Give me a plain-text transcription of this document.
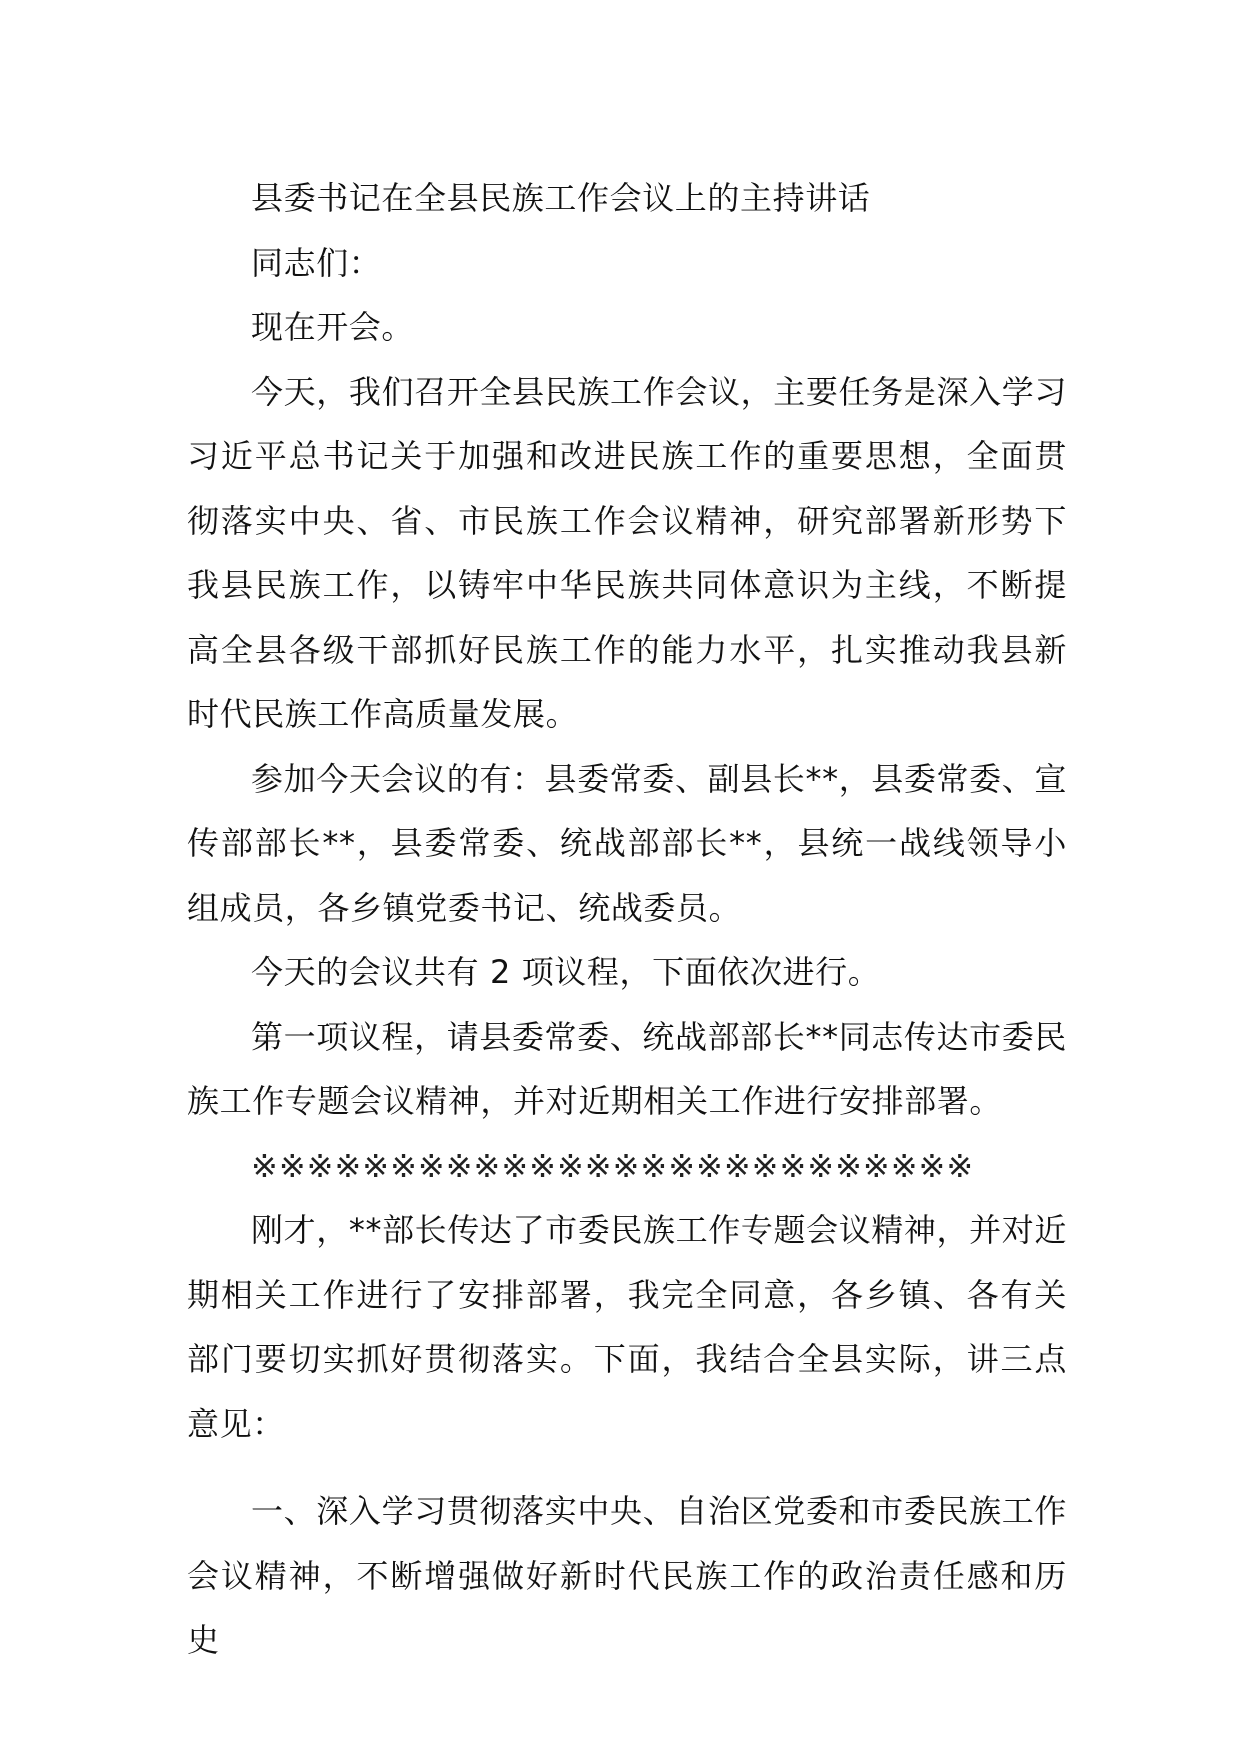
县委书记在全县民族工作会议上的主持讲话

同志们：

现在开会。

今天，我们召开全县民族工作会议，主要任务是深入学习习近平总书记关于加强和改进民族工作的重要思想，全面贯彻落实中央、省、市民族工作会议精神，研究部署新形势下我县民族工作，以铸牢中华民族共同体意识为主线，不断提高全县各级干部抓好民族工作的能力水平，扎实推动我县新时代民族工作高质量发展。

参加今天会议的有：县委常委、副县长**，县委常委、宣传部部长**，县委常委、统战部部长**，县统一战线领导小组成员，各乡镇党委书记、统战委员。

今天的会议共有 2 项议程，下面依次进行。

第一项议程，请县委常委、统战部部长**同志传达市委民族工作专题会议精神，并对近期相关工作进行安排部署。

※※※※※※※※※※※※※※※※※※※※※※※※※※

刚才，**部长传达了市委民族工作专题会议精神，并对近期相关工作进行了安排部署，我完全同意，各乡镇、各有关部门要切实抓好贯彻落实。下面，我结合全县实际，讲三点意见：

一、深入学习贯彻落实中央、自治区党委和市委民族工作会议精神，不断增强做好新时代民族工作的政治责任感和历史
